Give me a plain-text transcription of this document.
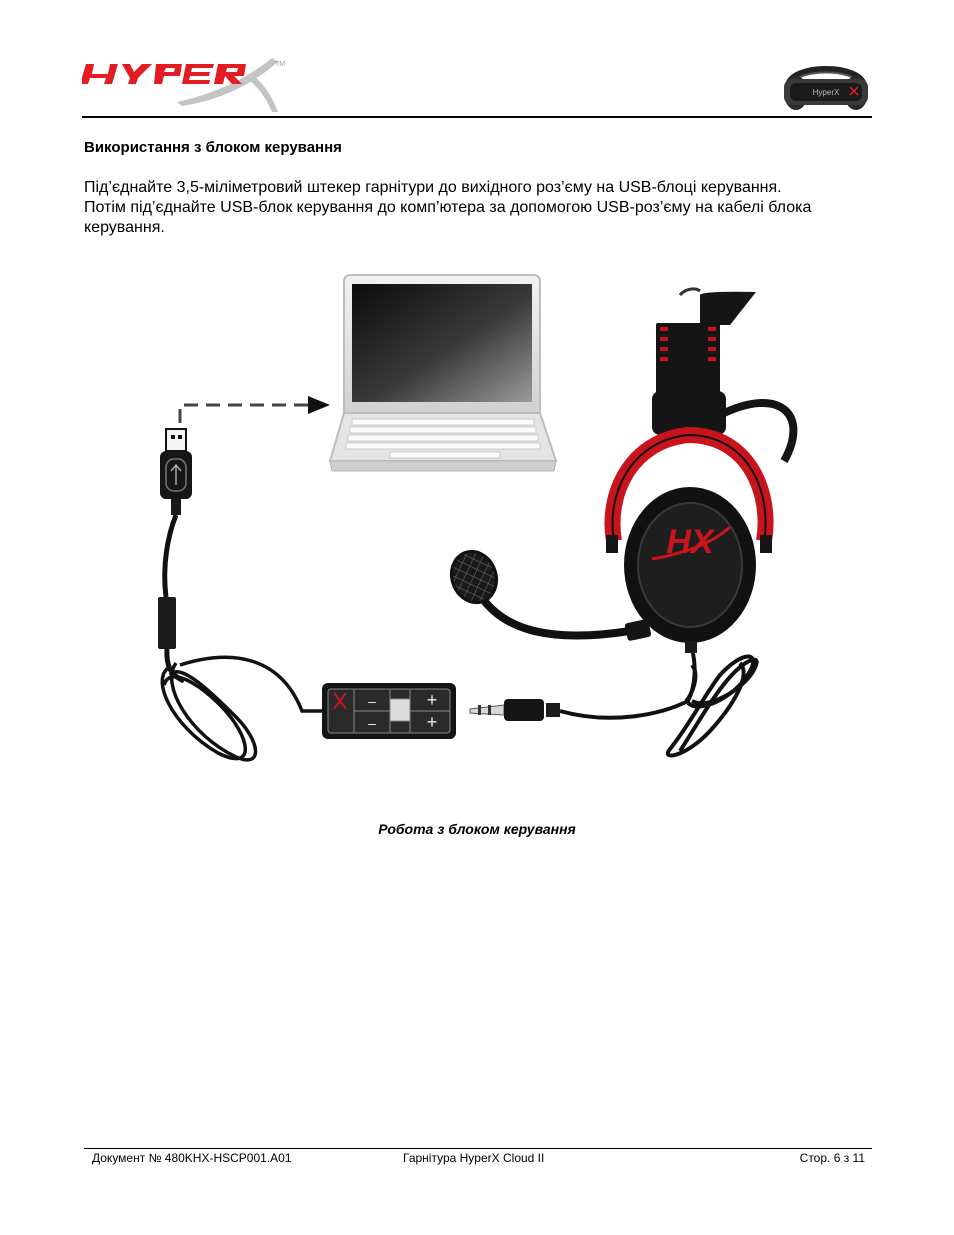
TM
HyperX
Використання з блоком керування

Під’єднайте 3,5-міліметровий штекер гарнітури до вихідного роз’єму на USB-блоці керування.
Потім під’єднайте USB-блок керування до комп’ютера за допомогою USB-роз’єму на кабелі блока
керування.

–
–
+
+
HX

Робота з блоком керування

Документ № 480KHX-HSCP001.A01	Гарнітура HyperX Cloud II	Стор. 6 з 11
